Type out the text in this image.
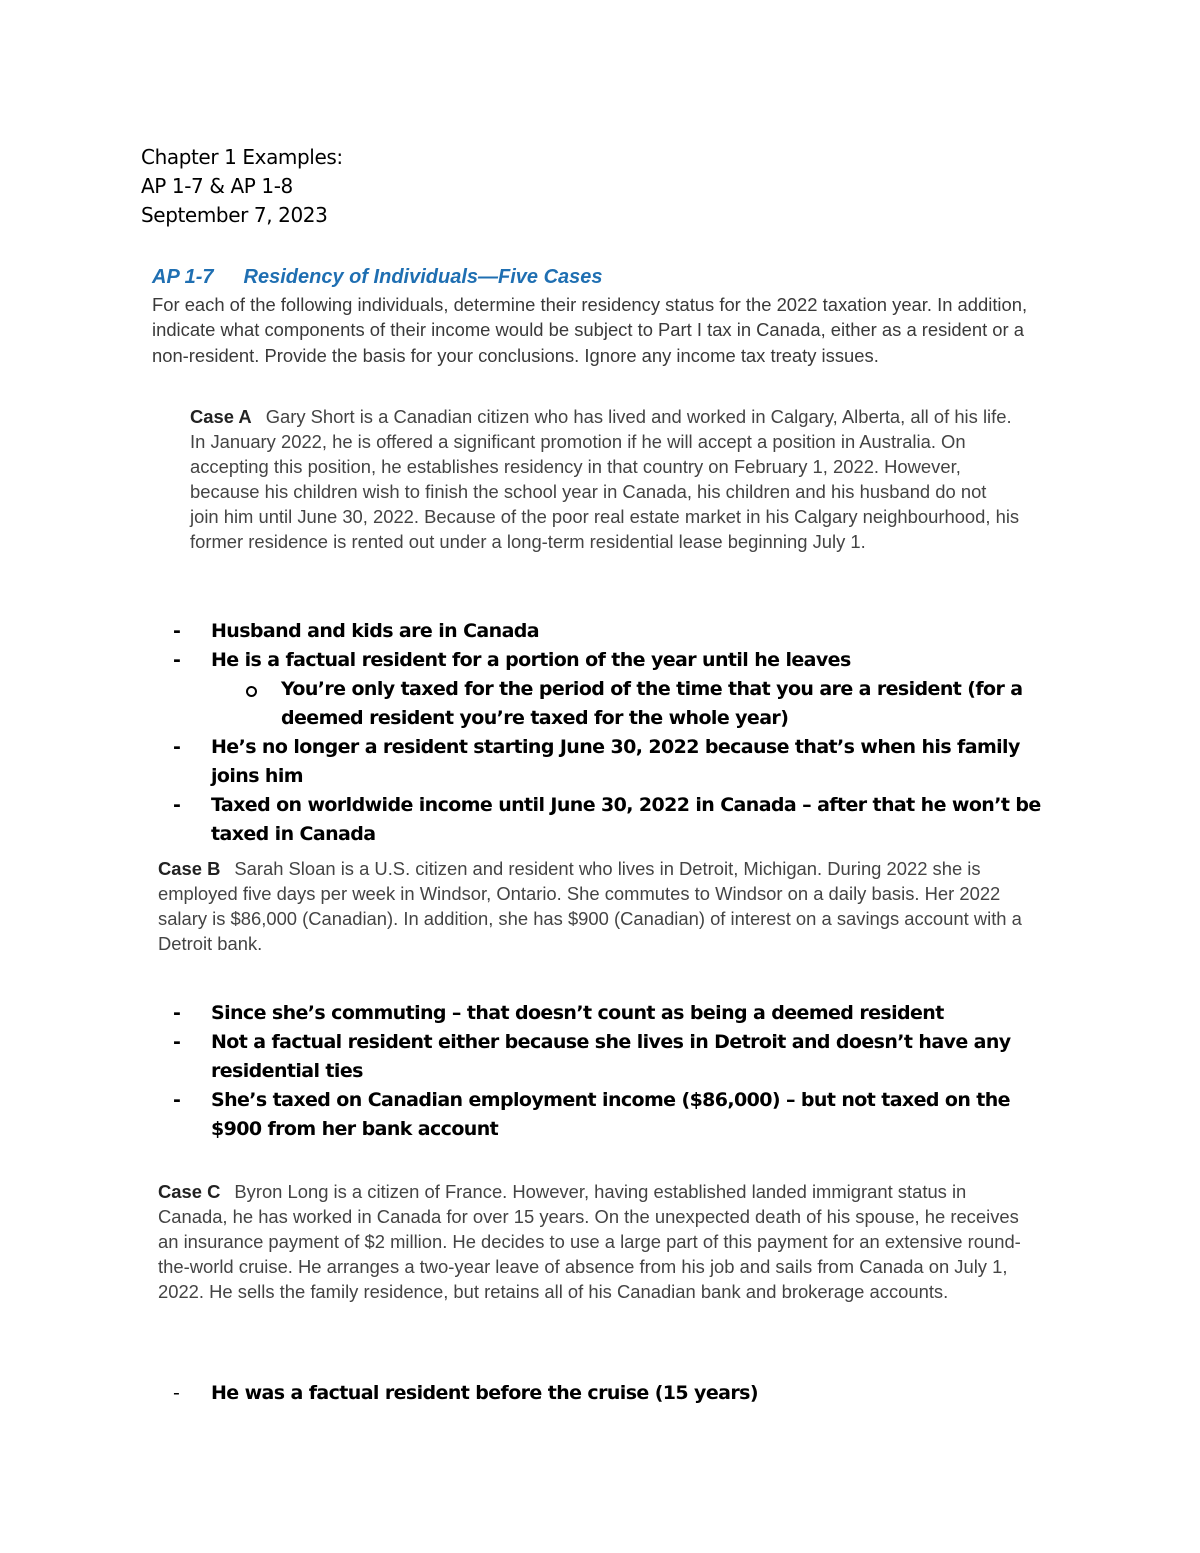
Chapter 1 Examples:
AP 1-7 & AP 1-8
September 7, 2023
AP 1-7 Residency of Individuals—Five Cases
For each of the following individuals, determine their residency status for the 2022 taxation year. In addition, indicate what components of their income would be subject to Part I tax in Canada, either as a resident or a non-resident. Provide the basis for your conclusions. Ignore any income tax treaty issues.
Case A Gary Short is a Canadian citizen who has lived and worked in Calgary, Alberta, all of his life. In January 2022, he is offered a significant promotion if he will accept a position in Australia. On accepting this position, he establishes residency in that country on February 1, 2022. However, because his children wish to finish the school year in Canada, his children and his husband do not join him until June 30, 2022. Because of the poor real estate market in his Calgary neighbourhood, his former residence is rented out under a long-term residential lease beginning July 1.
- Husband and kids are in Canada
- He is a factual resident for a portion of the year until he leaves
You’re only taxed for the period of the time that you are a resident (for a deemed resident you’re taxed for the whole year)
- He’s no longer a resident starting June 30, 2022 because that’s when his family joins him
- Taxed on worldwide income until June 30, 2022 in Canada – after that he won’t be taxed in Canada
Case B Sarah Sloan is a U.S. citizen and resident who lives in Detroit, Michigan. During 2022 she is employed five days per week in Windsor, Ontario. She commutes to Windsor on a daily basis. Her 2022 salary is $86,000 (Canadian). In addition, she has $900 (Canadian) of interest on a savings account with a Detroit bank.
- Since she’s commuting – that doesn’t count as being a deemed resident
- Not a factual resident either because she lives in Detroit and doesn’t have any residential ties
- She’s taxed on Canadian employment income ($86,000) – but not taxed on the $900 from her bank account
Case C Byron Long is a citizen of France. However, having established landed immigrant status in Canada, he has worked in Canada for over 15 years. On the unexpected death of his spouse, he receives an insurance payment of $2 million. He decides to use a large part of this payment for an extensive round-the-world cruise. He arranges a two-year leave of absence from his job and sails from Canada on July 1, 2022. He sells the family residence, but retains all of his Canadian bank and brokerage accounts.
- He was a factual resident before the cruise (15 years)
